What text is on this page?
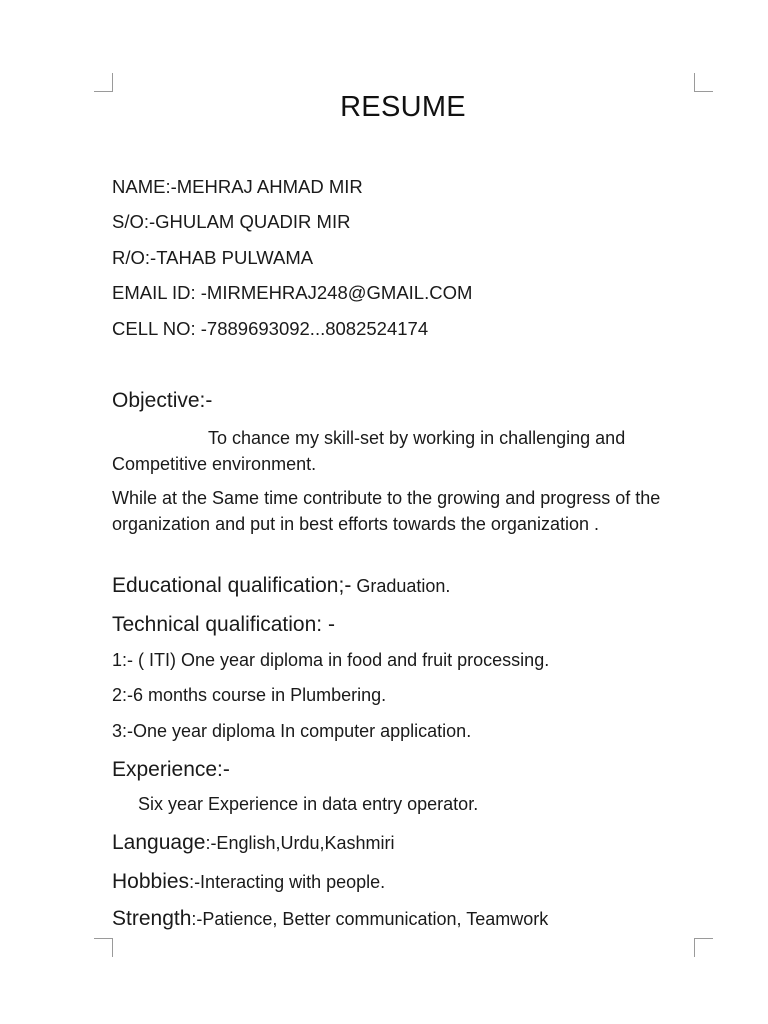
RESUME
NAME:-MEHRAJ AHMAD MIR
S/O:-GHULAM QUADIR MIR
R/O:-TAHAB PULWAMA
EMAIL ID: -MIRMEHRAJ248@GMAIL.COM
CELL NO: -7889693092...8082524174
Objective:-
To chance my skill-set by working in challenging and Competitive environment.
While at the Same time contribute to the growing and progress of the organization and put in best efforts towards the organization .
Educational qualification;- Graduation.
Technical qualification: -
1:- ( ITI) One year diploma in food and fruit processing.
2:-6 months course in Plumbering.
3:-One year diploma In computer application.
Experience:-
Six year Experience in data entry operator.
Language:-English,Urdu,Kashmiri
Hobbies:-Interacting with people.
Strength:-Patience, Better communication, Teamwork
